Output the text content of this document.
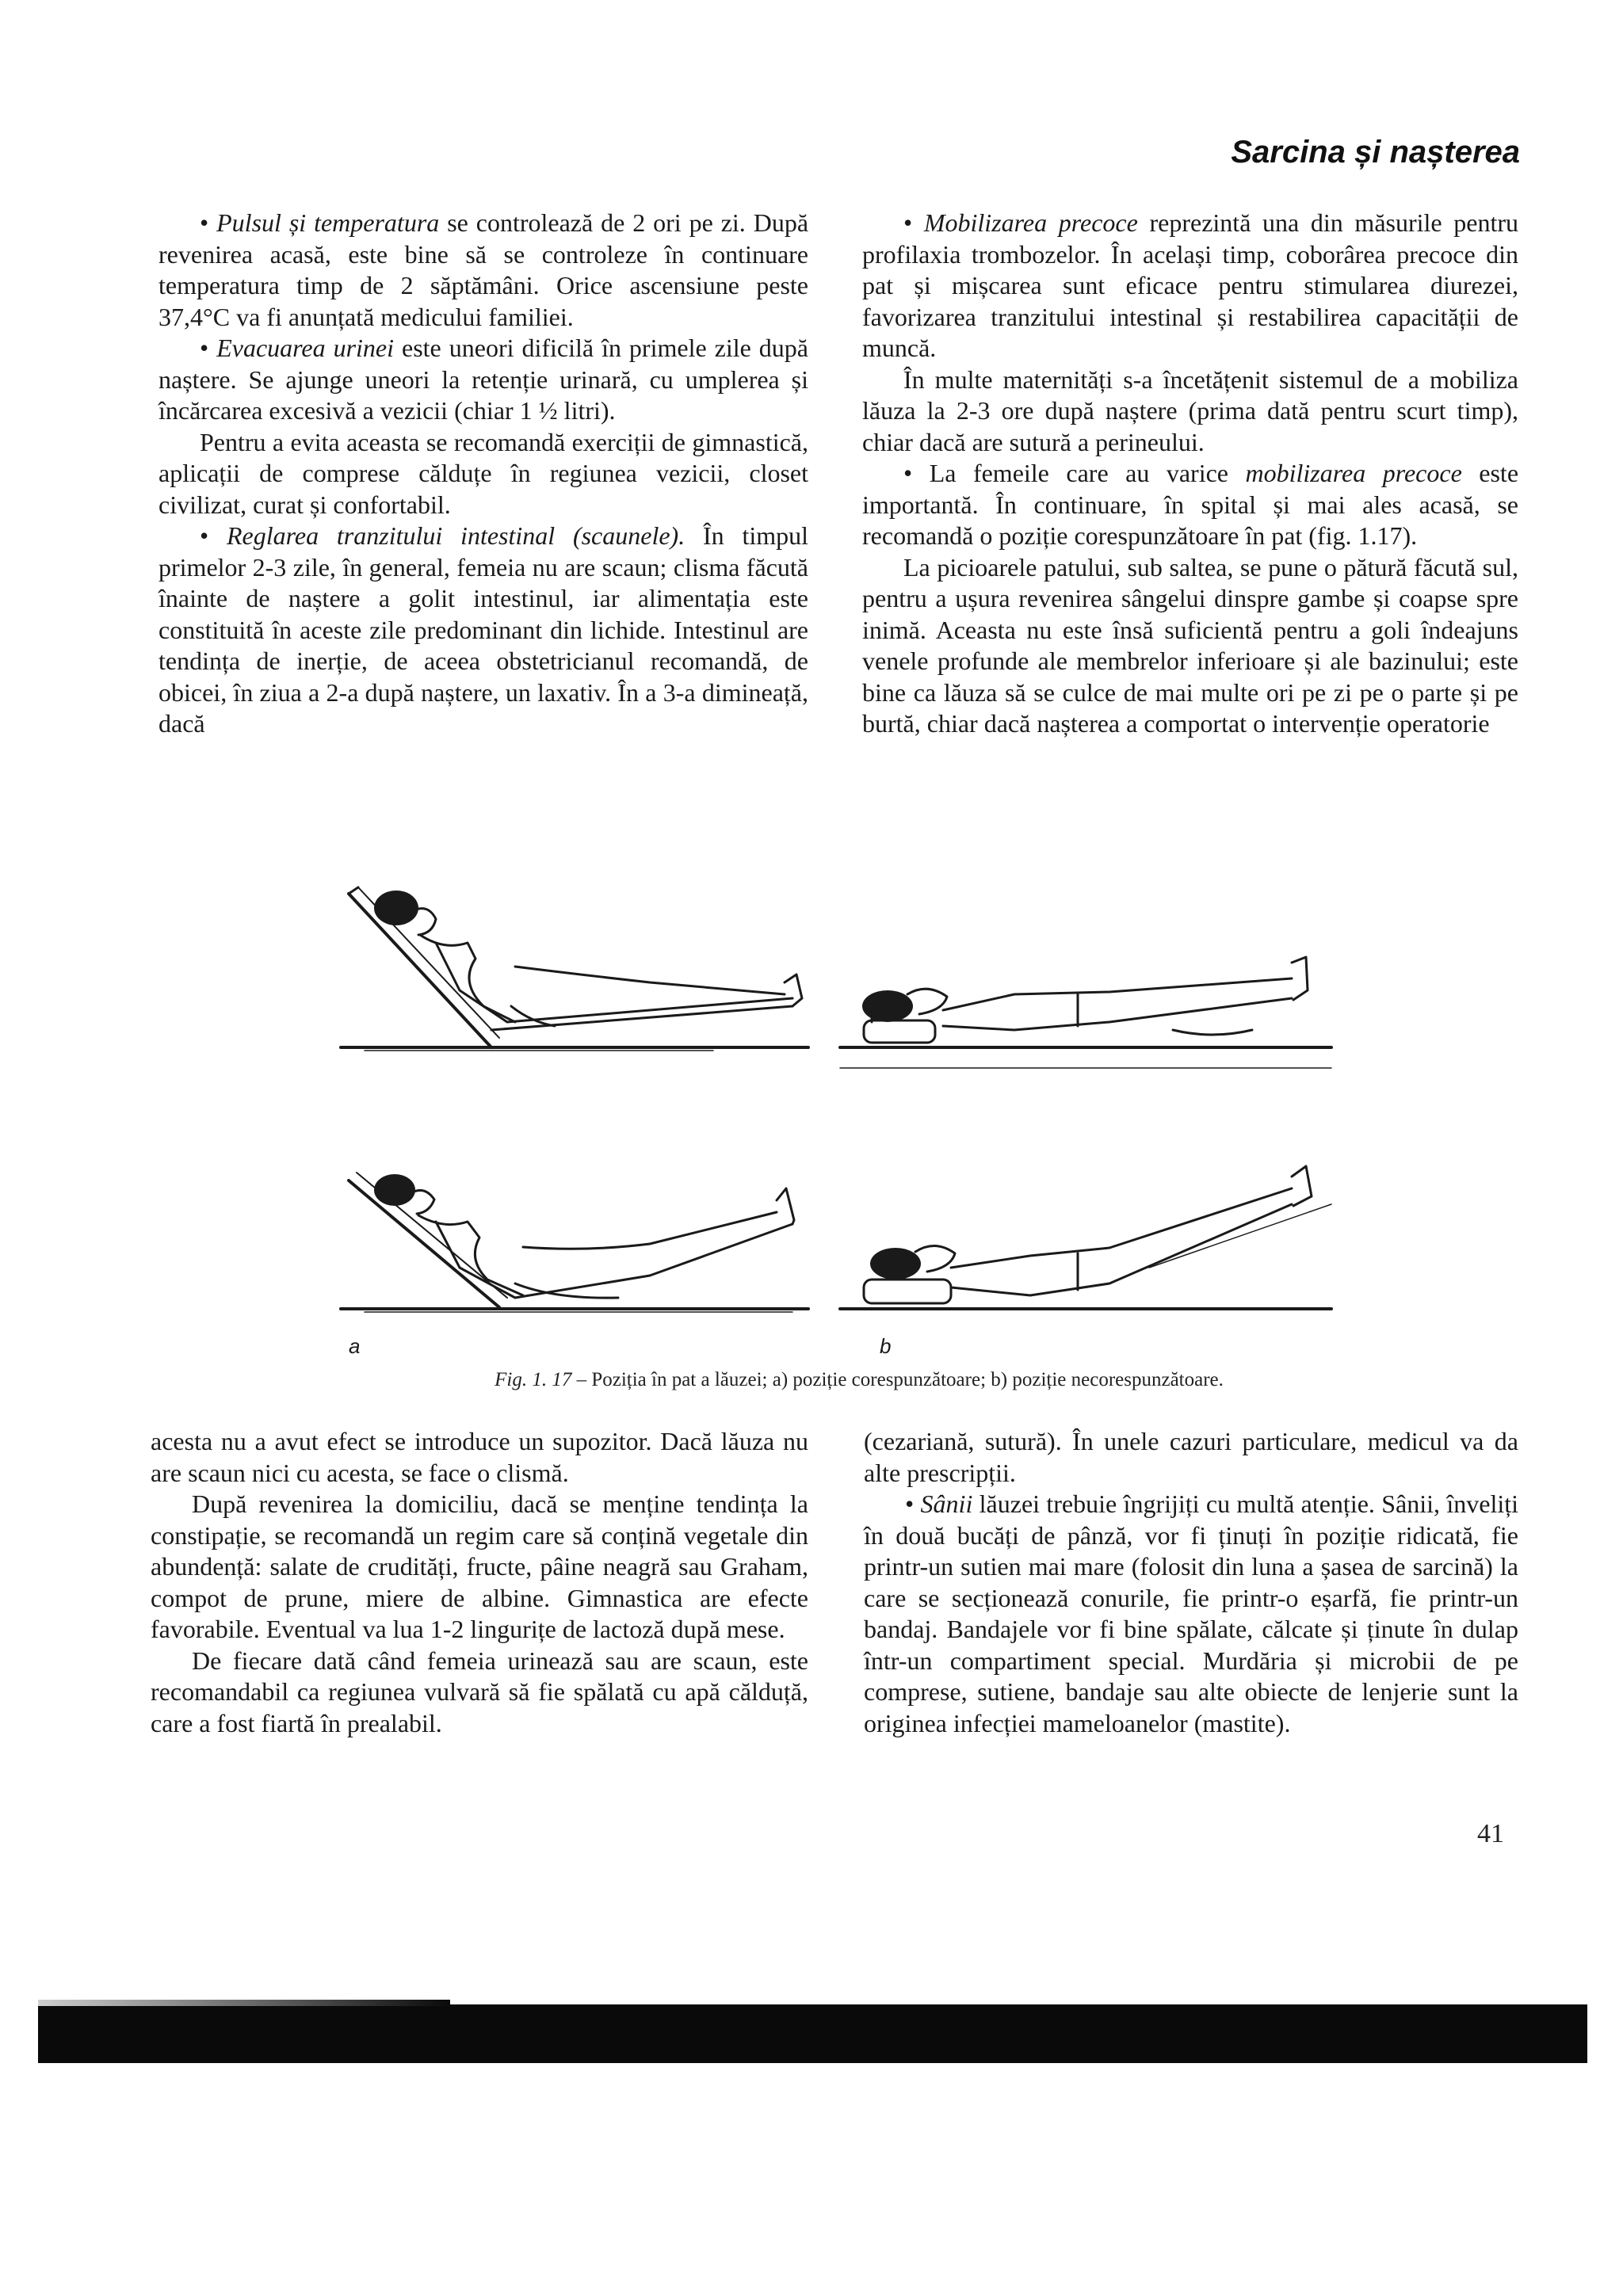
Sarcina și nașterea

• Pulsul și temperatura se controlează de 2 ori pe zi. După revenirea acasă, este bine să se controleze în continuare temperatura timp de 2 săptămâni. Orice ascensiune peste 37,4°C va fi anunțată medicului familiei.

• Evacuarea urinei este uneori dificilă în primele zile după naștere. Se ajunge uneori la retenție urinară, cu umplerea și încărcarea excesivă a vezicii (chiar 1 ½ litri).

Pentru a evita aceasta se recomandă exerciții de gimnastică, aplicații de comprese călduțe în regiunea vezicii, closet civilizat, curat și confortabil.

• Reglarea tranzitului intestinal (scaunele). În timpul primelor 2-3 zile, în general, femeia nu are scaun; clisma făcută înainte de naștere a golit intestinul, iar alimentația este constituită în aceste zile predominant din lichide. Intestinul are tendința de inerție, de aceea obstetricianul recomandă, de obicei, în ziua a 2-a după naștere, un laxativ. În a 3-a dimineață, dacă

• Mobilizarea precoce reprezintă una din măsurile pentru profilaxia trombozelor. În același timp, coborârea precoce din pat și mișcarea sunt eficace pentru stimularea diurezei, favorizarea tranzitului intestinal și restabilirea capacității de muncă.

În multe maternități s-a încetățenit sistemul de a mobiliza lăuza la 2-3 ore după naștere (prima dată pentru scurt timp), chiar dacă are sutură a perineului.

• La femeile care au varice mobilizarea precoce este importantă. În continuare, în spital și mai ales acasă, se recomandă o poziție corespunzătoare în pat (fig. 1.17).

La picioarele patului, sub saltea, se pune o pătură făcută sul, pentru a ușura revenirea sângelui dinspre gambe și coapse spre inimă. Aceasta nu este însă suficientă pentru a goli îndeajuns venele profunde ale membrelor inferioare și ale bazinului; este bine ca lăuza să se culce de mai multe ori pe zi pe o parte și pe burtă, chiar dacă nașterea a comportat o intervenție operatorie

a	b
Fig. 1. 17 – Poziția în pat a lăuzei; a) poziție corespunzătoare; b) poziție necorespunzătoare.

acesta nu a avut efect se introduce un supozitor. Dacă lăuza nu are scaun nici cu acesta, se face o clismă.

După revenirea la domiciliu, dacă se menține tendința la constipație, se recomandă un regim care să conțină vegetale din abundență: salate de crudități, fructe, pâine neagră sau Graham, compot de prune, miere de albine. Gimnastica are efecte favorabile. Eventual va lua 1-2 lingurițe de lactoză după mese.

De fiecare dată când femeia urinează sau are scaun, este recomandabil ca regiunea vulvară să fie spălată cu apă călduță, care a fost fiartă în prealabil.

(cezariană, sutură). În unele cazuri particulare, medicul va da alte prescripții.

• Sânii lăuzei trebuie îngrijiți cu multă atenție. Sânii, înveliți în două bucăți de pânză, vor fi ținuți în poziție ridicată, fie printr-un sutien mai mare (folosit din luna a șasea de sarcină) la care se secționează conurile, fie printr-o eșarfă, fie printr-un bandaj. Bandajele vor fi bine spălate, călcate și ținute în dulap într-un compartiment special. Murdăria și microbii de pe comprese, sutiene, bandaje sau alte obiecte de lenjerie sunt la originea infecției mameloanelor (mastite).

41
